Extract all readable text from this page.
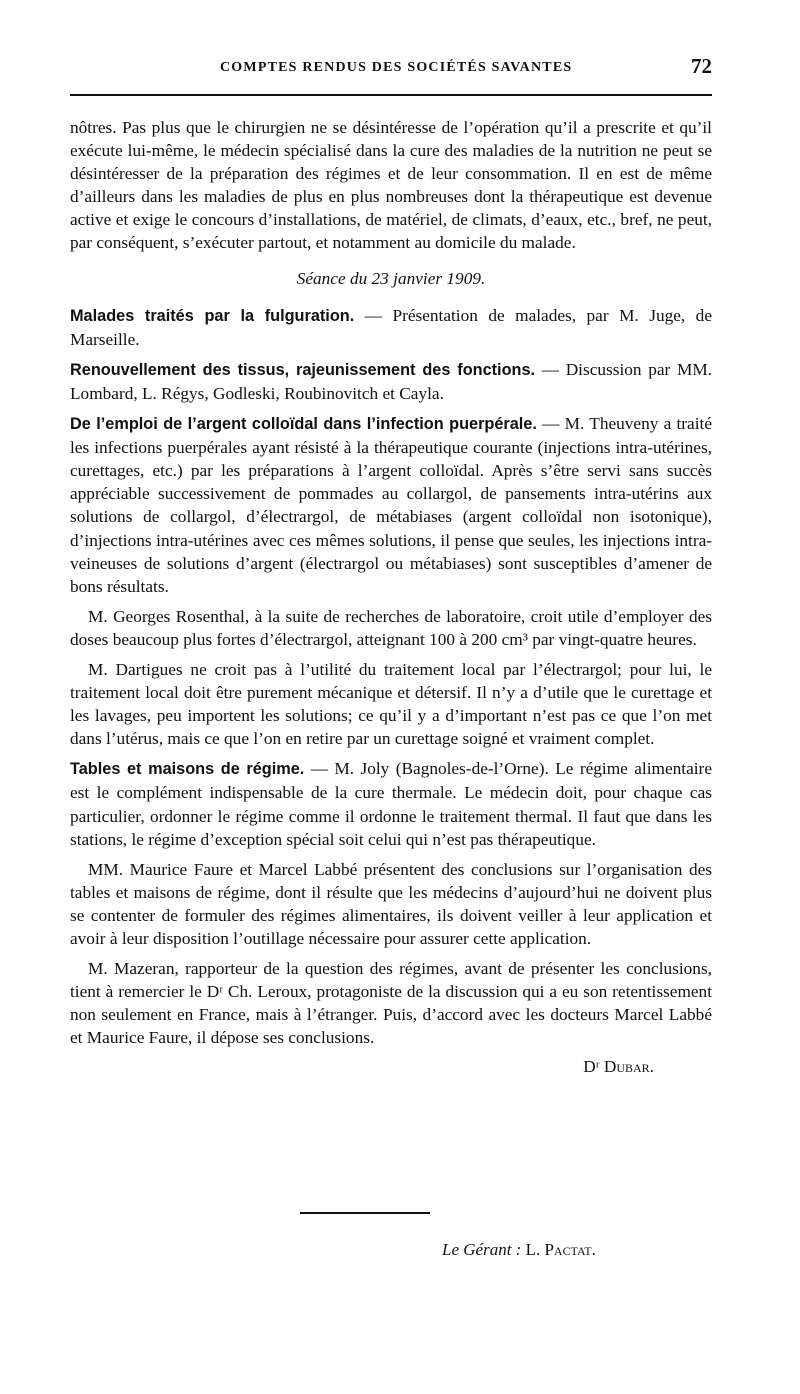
COMPTES RENDUS DES SOCIÉTÉS SAVANTES	72

nôtres. Pas plus que le chirurgien ne se désintéresse de l’opération qu’il a prescrite et qu’il exécute lui-même, le médecin spécialisé dans la cure des maladies de la nutrition ne peut se désintéresser de la préparation des régimes et de leur consommation. Il en est de même d’ailleurs dans les maladies de plus en plus nombreuses dont la thérapeutique est devenue active et exige le concours d’installations, de matériel, de climats, d’eaux, etc., bref, ne peut, par conséquent, s’exécuter partout, et notamment au domicile du malade.

Séance du 23 janvier 1909.

Malades traités par la fulguration. — Présentation de malades, par M. Juge, de Marseille.

Renouvellement des tissus, rajeunissement des fonctions. — Discussion par MM. Lombard, L. Régys, Godleski, Roubinovitch et Cayla.

De l’emploi de l’argent colloïdal dans l’infection puerpérale. — M. Theuveny a traité les infections puerpérales ayant résisté à la thérapeutique courante (injections intra-utérines, curettages, etc.) par les préparations à l’argent colloïdal. Après s’être servi sans succès appréciable successivement de pommades au collargol, de pansements intra-utérins aux solutions de collargol, d’électrargol, de métabiases (argent colloïdal non isotonique), d’injections intra-utérines avec ces mêmes solutions, il pense que seules, les injections intra-veineuses de solutions d’argent (électrargol ou métabiases) sont susceptibles d’amener de bons résultats.

M. Georges Rosenthal, à la suite de recherches de laboratoire, croit utile d’employer des doses beaucoup plus fortes d’électrargol, atteignant 100 à 200 cm³ par vingt-quatre heures.

M. Dartigues ne croit pas à l’utilité du traitement local par l’électrargol; pour lui, le traitement local doit être purement mécanique et détersif. Il n’y a d’utile que le curettage et les lavages, peu importent les solutions; ce qu’il y a d’important n’est pas ce que l’on met dans l’utérus, mais ce que l’on en retire par un curettage soigné et vraiment complet.

Tables et maisons de régime. — M. Joly (Bagnoles-de-l’Orne). Le régime alimentaire est le complément indispensable de la cure thermale. Le médecin doit, pour chaque cas particulier, ordonner le régime comme il ordonne le traitement thermal. Il faut que dans les stations, le régime d’exception spécial soit celui qui n’est pas thérapeutique.

MM. Maurice Faure et Marcel Labbé présentent des conclusions sur l’organisation des tables et maisons de régime, dont il résulte que les médecins d’aujourd’hui ne doivent plus se contenter de formuler des régimes alimentaires, ils doivent veiller à leur application et avoir à leur disposition l’outillage nécessaire pour assurer cette application.

M. Mazeran, rapporteur de la question des régimes, avant de présenter les conclusions, tient à remercier le Dʳ Ch. Leroux, protagoniste de la discussion qui a eu son retentissement non seulement en France, mais à l’étranger. Puis, d’accord avec les docteurs Marcel Labbé et Maurice Faure, il dépose ses conclusions.

Dʳ Dubar.

Le Gérant : L. Pactat.
